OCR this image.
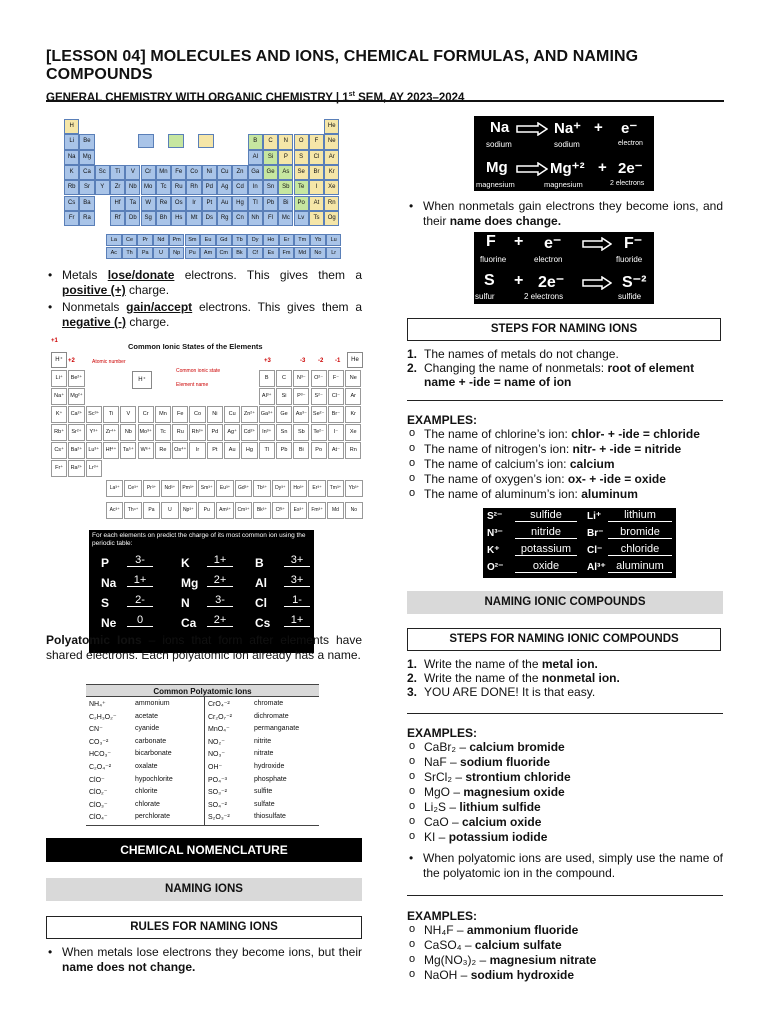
[LESSON 04] MOLECULES AND IONS, CHEMICAL FORMULAS, AND NAMING COMPOUNDS
GENERAL CHEMISTRY WITH ORGANIC CHEMISTRY | 1st SEM, AY 2023–2024
H	He
Li	Be	B	C	N	O	F	Ne
Na	Mg	Al	Si	P	S	Cl	Ar
K	Ca	Sc	Ti	V	Cr	Mn	Fe	Co	Ni	Cu	Zn	Ga	Ge	As	Se	Br	Kr
Rb	Sr	Y	Zr	Nb	Mo	Tc	Ru	Rh	Pd	Ag	Cd	In	Sn	Sb	Te	I	Xe
Cs	Ba	Hf	Ta	W	Re	Os	Ir	Pt	Au	Hg	Tl	Pb	Bi	Po	At	Rn
Fr	Ra	Rf	Db	Sg	Bh	Hs	Mt	Ds	Rg	Cn	Nh	Fl	Mc	Lv	Ts	Og
La	Ce	Pr	Nd	Pm	Sm	Eu	Gd	Tb	Dy	Ho	Er	Tm	Yb	Lu
Ac	Th	Pa	U	Np	Pu	Am	Cm	Bk	Cf	Es	Fm	Md	No	Lr
• Metals lose/donate electrons. This gives them a positive (+) charge.
• Nonmetals gain/accept electrons. This gives them a negative (-) charge.
Common Ionic States of the Elements
+1
+2	+3	-3 -2 -1
Atomic number
Common ionic state
Element name
H⁺
H⁺
He
Li⁺	Be²⁺	B	C	N³⁻	O²⁻	F⁻	Ne
Na⁺	Mg²⁺	Al³⁺	Si	P³⁻	S²⁻	Cl⁻	Ar
K⁺	Ca²⁺	Sc³⁺	Ti	V	Cr	Mn	Fe	Co	Ni	Cu	Zn²⁺	Ga³⁺	Ge	As³⁻	Se²⁻	Br⁻	Kr
Rb⁺	Sr²⁺	Y³⁺	Zr⁴⁺	Nb	Mo³⁺	Tc	Ru	Rh³⁺	Pd	Ag⁺	Cd²⁺	In³⁺	Sn	Sb	Te²⁻	I⁻	Xe
Cs⁺	Ba²⁺	Lu³⁺	Hf⁴⁺	Ta⁵⁺	W⁶⁺	Re	Os⁴⁺	Ir	Pt	Au	Hg	Tl	Pb	Bi	Po	At⁻	Rn
Fr⁺	Ra²⁺	Lr³⁺
La³⁺	Ce³⁺	Pr³⁺	Nd³⁺	Pm³⁺	Sm³⁺	Eu³⁺	Gd³⁺	Tb³⁺	Dy³⁺	Ho³⁺	Er³⁺	Tm³⁺	Yb³⁺
Ac³⁺	Th⁴⁺	Pa	U	Np³⁺	Pu	Am³⁺	Cm³⁺	Bk³⁺	Cf³⁺	Es³⁺	Fm³⁺	Md	No
For each elements on predict the charge of its most common ion using the periodic table:
P	3-	K	1+	B	3+
Na	1+	Mg	2+	Al	3+
S	2-	N	3-	Cl	1-
Ne	0	Ca	2+	Cs	1+
Polyatomic Ions – ions that form after elements have shared electrons. Each polyatomic ion already has a name.
Common Polyatomic Ions
NH₄⁺	ammonium	CrO₄⁻²	chromate
C₂H₃O₂⁻	acetate	Cr₂O₇⁻²	dichromate
CN⁻	cyanide	MnO₄⁻	permanganate
CO₃⁻²	carbonate	NO₂⁻	nitrite
HCO₃⁻	bicarbonate	NO₃⁻	nitrate
C₂O₄⁻²	oxalate	OH⁻	hydroxide
ClO⁻	hypochlorite	PO₄⁻³	phosphate
ClO₂⁻	chlorite	SO₃⁻²	sulfite
ClO₃⁻	chlorate	SO₄⁻²	sulfate
ClO₄⁻	perchlorate	S₂O₃⁻²	thiosulfate
CHEMICAL NOMENCLATURE
NAMING IONS
RULES FOR NAMING IONS
• When metals lose electrons they become ions, but their name does not change.
Na	Na⁺ + e⁻
sodium	sodium	electron
Mg	Mg⁺² + 2e⁻
magnesium	magnesium	2 electrons
• When nonmetals gain electrons they become ions, and their name does change.
F + e⁻	F⁻
fluorine	electron	fluoride
S + 2e⁻	S⁻²
sulfur	2 electrons	sulfide
STEPS FOR NAMING IONS
1. The names of metals do not change.
2. Changing the name of nonmetals: root of element name + -ide = name of ion
EXAMPLES:
o The name of chlorine’s ion: chlor- + -ide = chloride
o The name of nitrogen’s ion: nitr- + -ide = nitride
o The name of calcium’s ion: calcium
o The name of oxygen’s ion: ox- + -ide = oxide
o The name of aluminum’s ion: aluminum
S²⁻	sulfide	Li⁺	lithium
N³⁻	nitride	Br⁻	bromide
K⁺	potassium	Cl⁻	chloride
O²⁻	oxide	Al³⁺ aluminum
NAMING IONIC COMPOUNDS
STEPS FOR NAMING IONIC COMPOUNDS
1. Write the name of the metal ion.
2. Write the name of the nonmetal ion.
3. YOU ARE DONE! It is that easy.
EXAMPLES:
o CaBr₂ – calcium bromide
o NaF – sodium fluoride
o SrCl₂ – strontium chloride
o MgO – magnesium oxide
o Li₂S – lithium sulfide
o CaO – calcium oxide
o KI – potassium iodide
• When polyatomic ions are used, simply use the name of the polyatomic ion in the compound.
EXAMPLES:
o NH₄F – ammonium fluoride
o CaSO₄ – calcium sulfate
o Mg(NO₃)₂ – magnesium nitrate
o NaOH – sodium hydroxide
